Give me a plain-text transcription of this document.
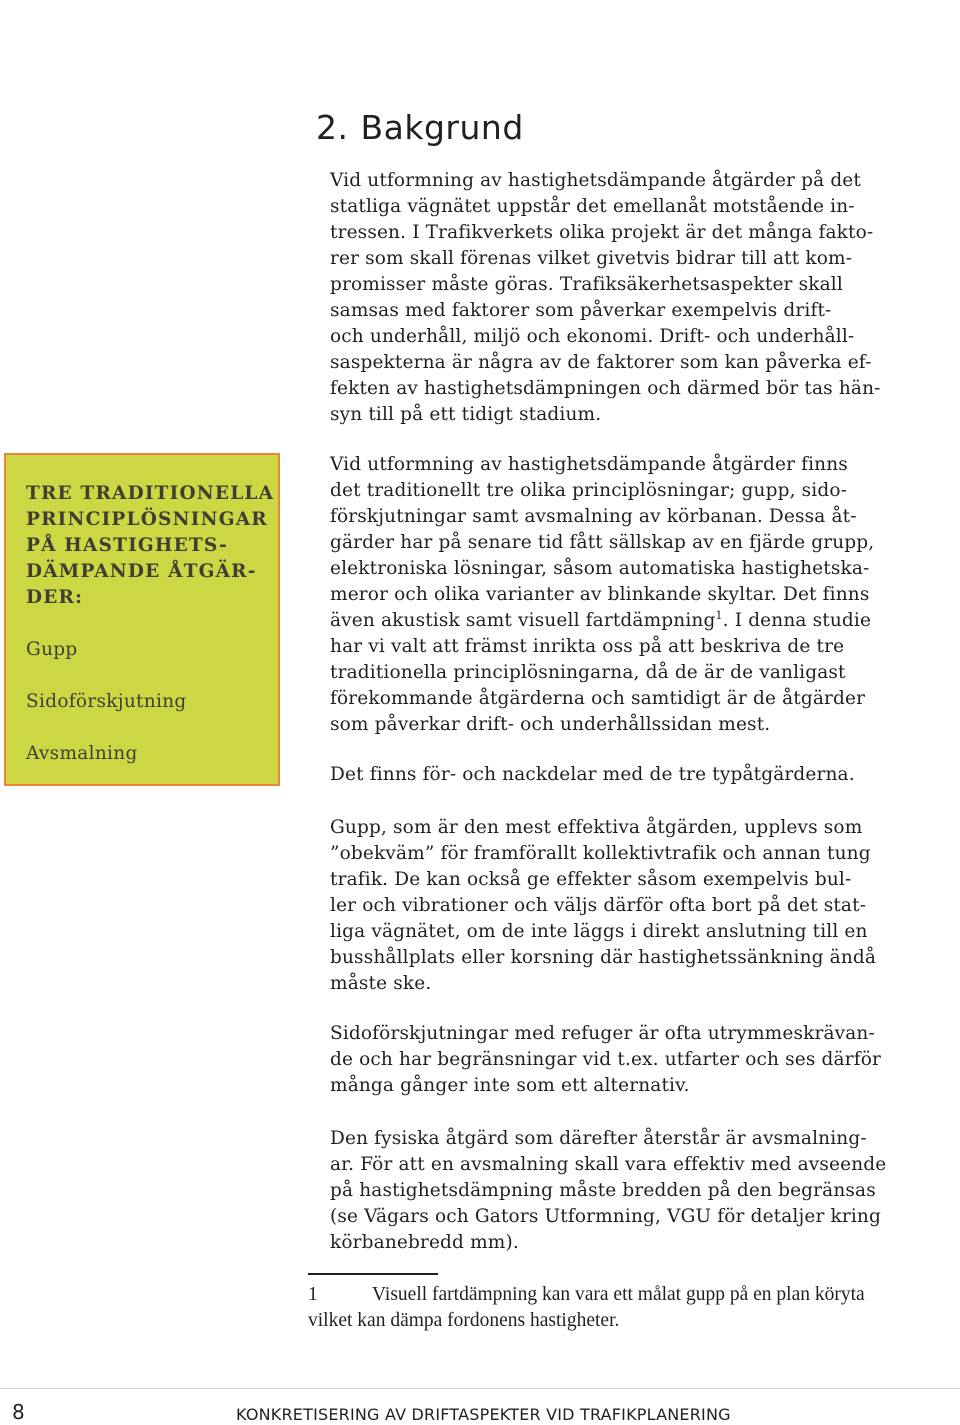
2. Bakgrund
Vid utformning av hastighetsdämpande åtgärder på det
statliga vägnätet uppstår det emellanåt motstående in-
tressen. I Trafikverkets olika projekt är det många fakto-
rer som skall förenas vilket givetvis bidrar till att kom-
promisser måste göras. Trafiksäkerhetsaspekter skall
samsas med faktorer som påverkar exempelvis drift-
och underhåll, miljö och ekonomi. Drift- och underhåll-
saspekterna är några av de faktorer som kan påverka ef-
fekten av hastighetsdämpningen och därmed bör tas hän-
syn till på ett tidigt stadium.
Vid utformning av hastighetsdämpande åtgärder finns
det traditionellt tre olika principlösningar; gupp, sido-
förskjutningar samt avsmalning av körbanan. Dessa åt-
gärder har på senare tid fått sällskap av en fjärde grupp,
elektroniska lösningar, såsom automatiska hastighetska-
meror och olika varianter av blinkande skyltar. Det finns
även akustisk samt visuell fartdämpning$^1$. I denna studie
har vi valt att främst inrikta oss på att beskriva de tre
traditionella principlösningarna, då de är de vanligast
förekommande åtgärderna och samtidigt är de åtgärder
som påverkar drift- och underhållssidan mest.
Det finns för- och nackdelar med de tre typåtgärderna.
Gupp, som är den mest effektiva åtgärden, upplevs som
”obekväm” för framförallt kollektivtrafik och annan tung
trafik. De kan också ge effekter såsom exempelvis bul-
ler och vibrationer och väljs därför ofta bort på det stat-
liga vägnätet, om de inte läggs i direkt anslutning till en
busshållplats eller korsning där hastighetssänkning ändå
måste ske.
Sidoförskjutningar med refuger är ofta utrymmeskrävan-
de och har begränsningar vid t.ex. utfarter och ses därför
många gånger inte som ett alternativ.
Den fysiska åtgärd som därefter återstår är avsmalning-
ar. För att en avsmalning skall vara effektiv med avseende
på hastighetsdämpning måste bredden på den begränsas
(se Vägars och Gators Utformning, VGU för detaljer kring
körbanebredd mm).
TRE TRADITIONELLA
PRINCIPLÖSNINGAR
PÅ HASTIGHETS-
DÄMPANDE ÅTGÄR-
DER:
Gupp
Sidoförskjutning
Avsmalning
1	Visuell fartdämpning kan vara ett målat gupp på en plan köryta
vilket kan dämpa fordonens hastigheter.
8	KONKRETISERING AV DRIFTASPEKTER VID TRAFIKPLANERING
